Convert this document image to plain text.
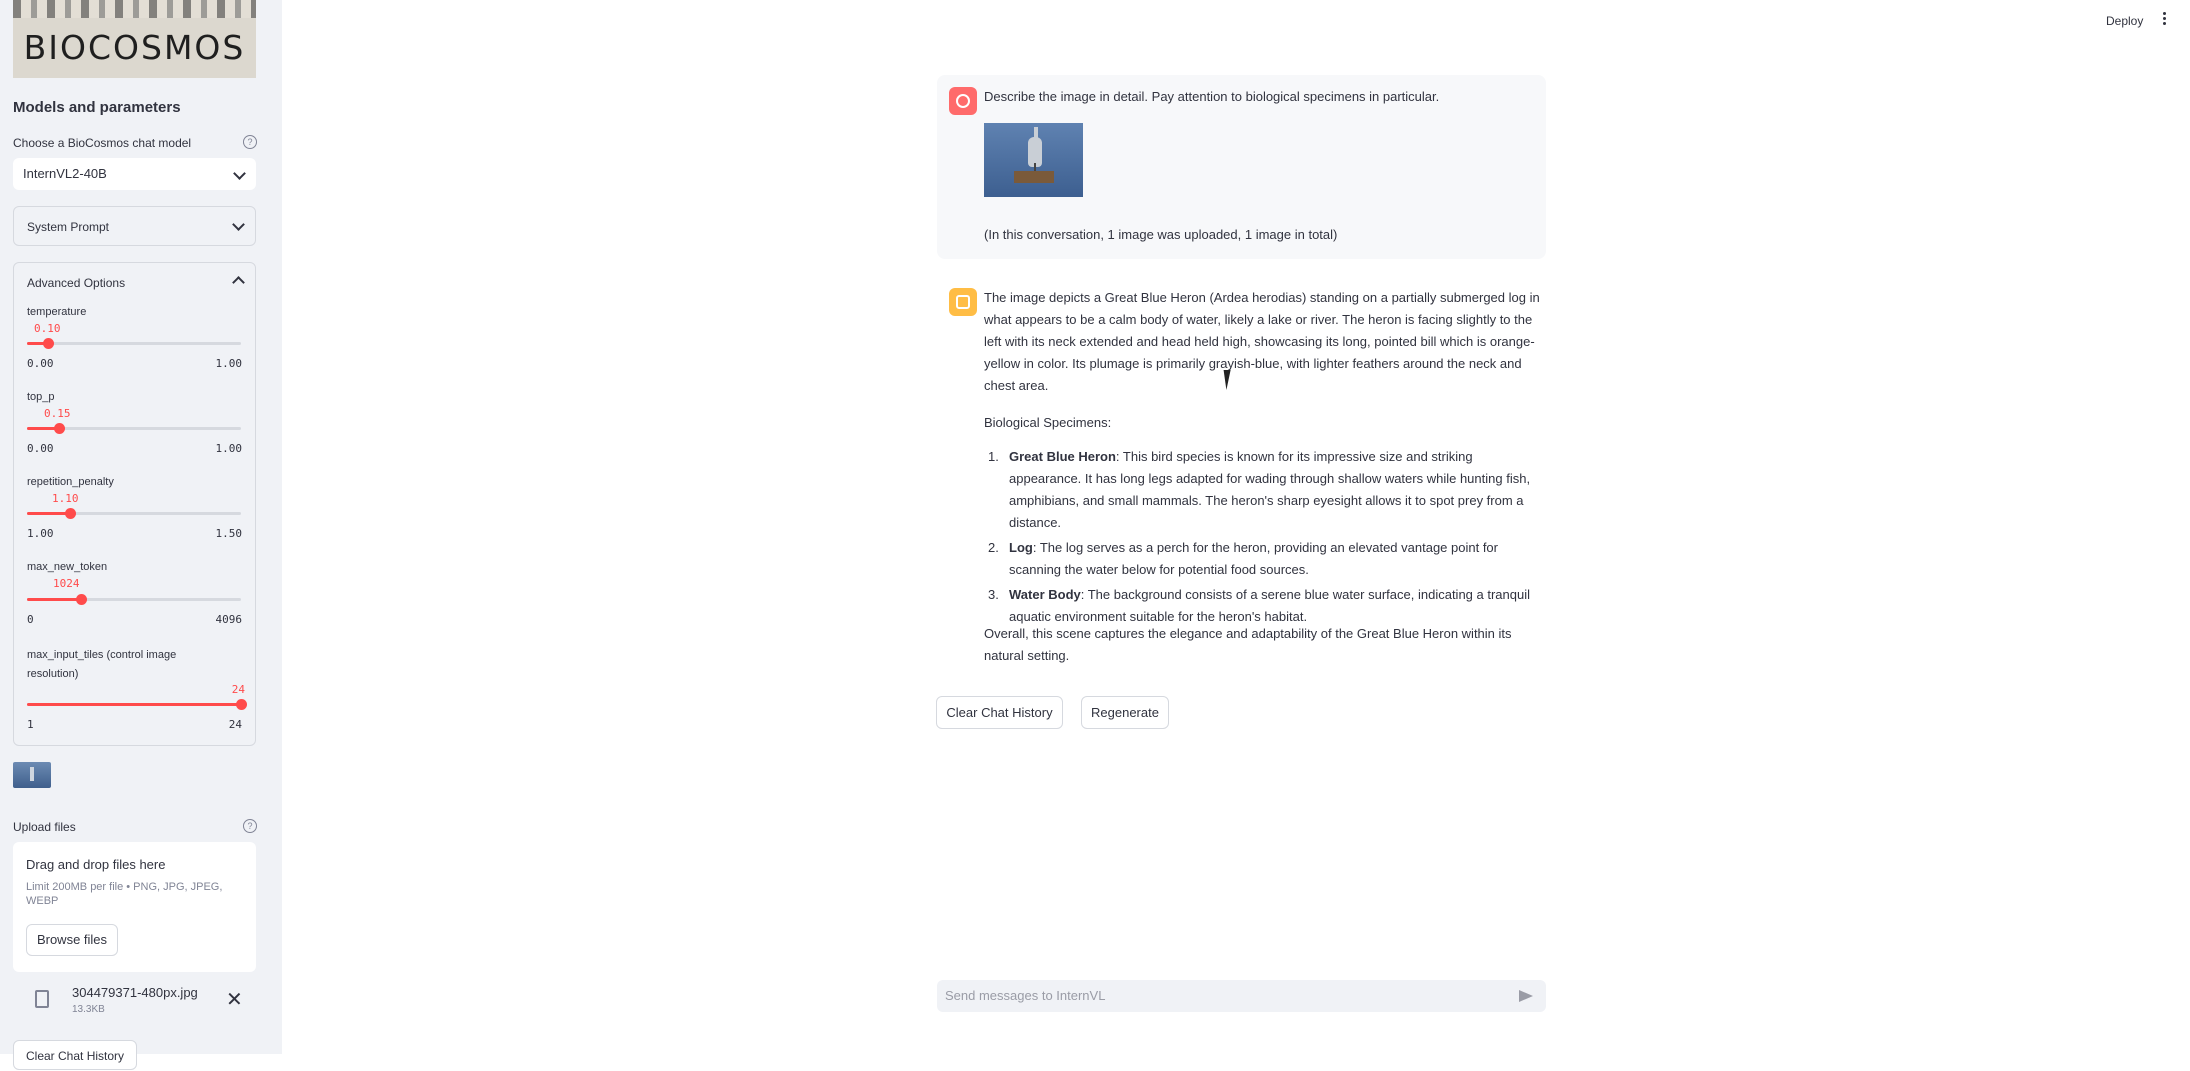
BIOCOSMOS
Models and parameters
Choose a BioCosmos chat model	?
InternVL2-40B
System Prompt
Advanced Options
temperature
0.10
0.00	1.00
top_p
0.15
0.00	1.00
repetition_penalty
1.10
1.00	1.50
max_new_token
1024
0	4096
max_input_tiles (control image resolution)
24
1	24
Upload files	?
Drag and drop files here
Limit 200MB per file • PNG, JPG, JPEG, WEBP
Browse files
304479371-480px.jpg
13.3KB	✕
Clear Chat History
Deploy
Describe the image in detail. Pay attention to biological specimens in particular.
(In this conversation, 1 image was uploaded, 1 image in total)
The image depicts a Great Blue Heron (Ardea herodias) standing on a partially submerged log in
what appears to be a calm body of water, likely a lake or river. The heron is facing slightly to the
left with its neck extended and head held high, showcasing its long, pointed bill which is orange-
yellow in color. Its plumage is primarily grayish-blue, with lighter feathers around the neck and
chest area.
Biological Specimens:
1. Great Blue Heron: This bird species is known for its impressive size and striking appearance. It has long legs adapted for wading through shallow waters while hunting fish, amphibians, and small mammals. The heron's sharp eyesight allows it to spot prey from a distance.
2. Log: The log serves as a perch for the heron, providing an elevated vantage point for scanning the water below for potential food sources.
3. Water Body: The background consists of a serene blue water surface, indicating a tranquil aquatic environment suitable for the heron's habitat.
Overall, this scene captures the elegance and adaptability of the Great Blue Heron within its natural setting.
Clear Chat History	Regenerate
Send messages to InternVL
